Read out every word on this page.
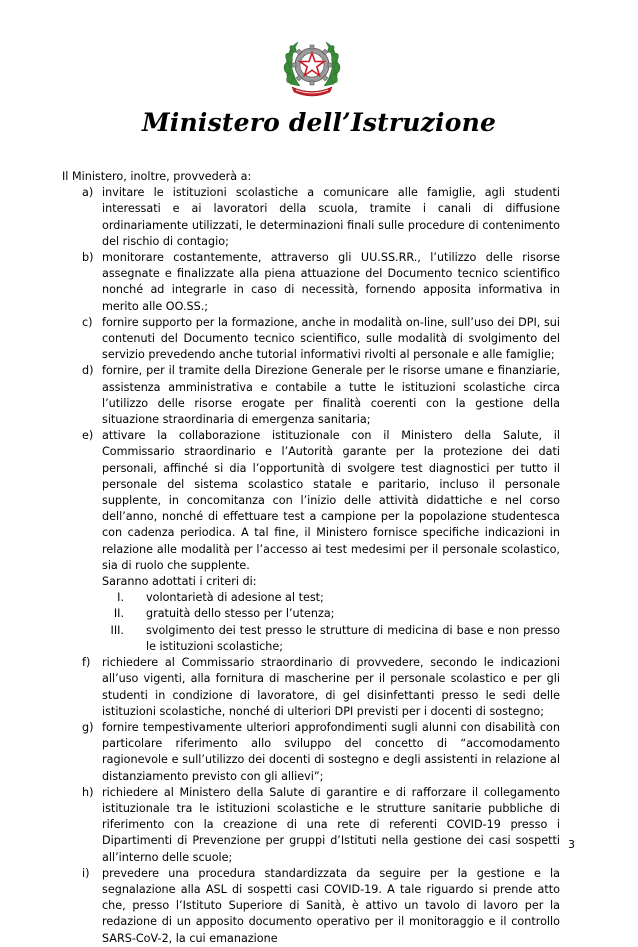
Ministero dell’Istruzione

Il Ministero, inoltre, provvederà a:

a) invitare le istituzioni scolastiche a comunicare alle famiglie, agli studenti interessati e ai lavoratori della scuola, tramite i canali di diffusione ordinariamente utilizzati, le determinazioni finali sulle procedure di contenimento del rischio di contagio;
b) monitorare costantemente, attraverso gli UU.SS.RR., l’utilizzo delle risorse assegnate e finalizzate alla piena attuazione del Documento tecnico scientifico nonché ad integrarle in caso di necessità, fornendo apposita informativa in merito alle OO.SS.;
c) fornire supporto per la formazione, anche in modalità on-line, sull’uso dei DPI, sui contenuti del Documento tecnico scientifico, sulle modalità di svolgimento del servizio prevedendo anche tutorial informativi rivolti al personale e alle famiglie;
d) fornire, per il tramite della Direzione Generale per le risorse umane e finanziarie, assistenza amministrativa e contabile a tutte le istituzioni scolastiche circa l’utilizzo delle risorse erogate per finalità coerenti con la gestione della situazione straordinaria di emergenza sanitaria;
e) attivare la collaborazione istituzionale con il Ministero della Salute, il Commissario straordinario e l’Autorità garante per la protezione dei dati personali, affinché si dia l’opportunità di svolgere test diagnostici per tutto il personale del sistema scolastico statale e paritario, incluso il personale supplente, in concomitanza con l’inizio delle attività didattiche e nel corso dell’anno, nonché di effettuare test a campione per la popolazione studentesca con cadenza periodica. A tal fine, il Ministero fornisce specifiche indicazioni in relazione alle modalità per l’accesso ai test medesimi per il personale scolastico, sia di ruolo che supplente.

Saranno adottati i criteri di:

I. volontarietà di adesione al test;
II. gratuità dello stesso per l’utenza;
III. svolgimento dei test presso le strutture di medicina di base e non presso le istituzioni scolastiche;
f) richiedere al Commissario straordinario di provvedere, secondo le indicazioni all’uso vigenti, alla fornitura di mascherine per il personale scolastico e per gli studenti in condizione di lavoratore, di gel disinfettanti presso le sedi delle istituzioni scolastiche, nonché di ulteriori DPI previsti per i docenti di sostegno;
g) fornire tempestivamente ulteriori approfondimenti sugli alunni con disabilità con particolare riferimento allo sviluppo del concetto di “accomodamento ragionevole e sull’utilizzo dei docenti di sostegno e degli assistenti in relazione al distanziamento previsto con gli allievi”;
h) richiedere al Ministero della Salute di garantire e di rafforzare il collegamento istituzionale tra le istituzioni scolastiche e le strutture sanitarie pubbliche di riferimento con la creazione di una rete di referenti COVID-19 presso i Dipartimenti di Prevenzione per gruppi d’Istituti nella gestione dei casi sospetti all’interno delle scuole;
i) prevedere una procedura standardizzata da seguire per la gestione e la segnalazione alla ASL di sospetti casi COVID-19. A tale riguardo si prende atto che, presso l’Istituto Superiore di Sanità, è attivo un tavolo di lavoro per la redazione di un apposito documento operativo per il monitoraggio e il controllo SARS-CoV-2, la cui emanazione
3
